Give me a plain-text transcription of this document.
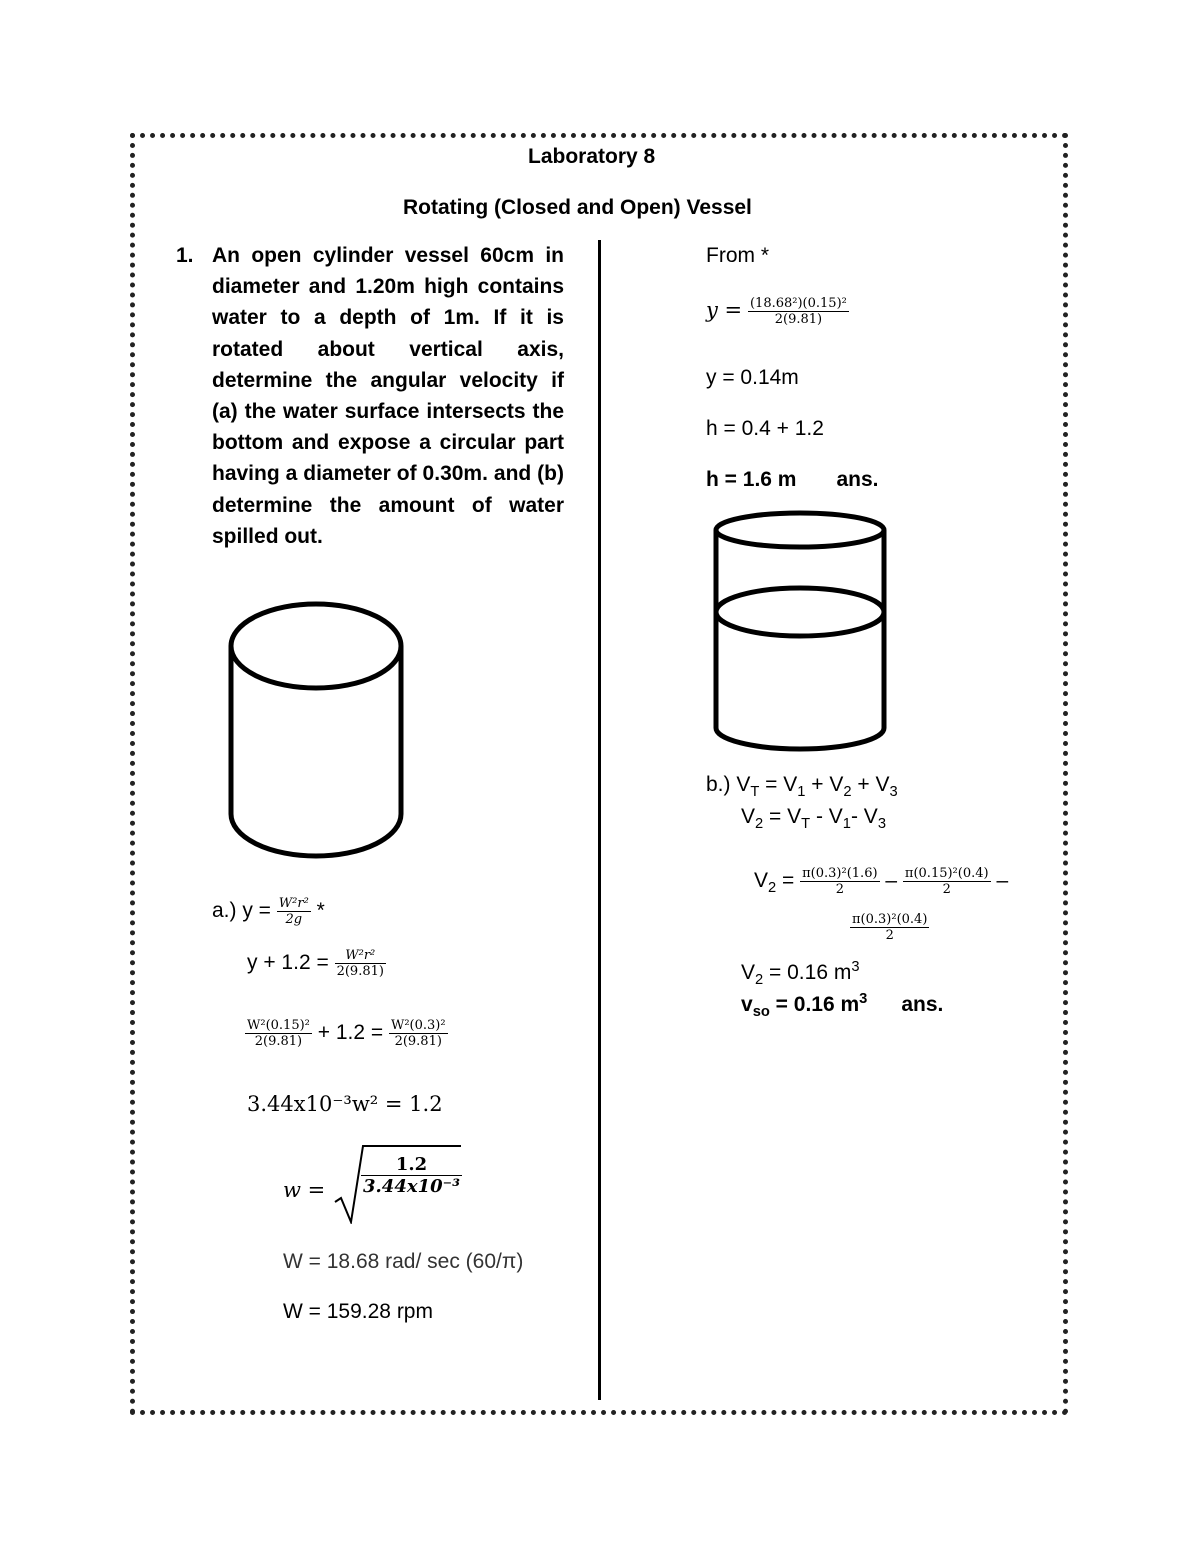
Laboratory 8
Rotating (Closed and Open) Vessel
1. An open cylinder vessel 60cm in diameter and 1.20m high contains water to a depth of 1m. If it is rotated about vertical axis, determine the angular velocity if (a) the water surface intersects the bottom and expose a circular part having a diameter of 0.30m. and (b) determine the amount of water spilled out.
a.) $y = \frac{\text{W²r²}}{2g}$ *
$y + 1.2 = \frac{\text{W²r²}}{2(9.81)}$
$\frac{\text{W²(0.15)²}}{2(9.81)} + 1.2 = \frac{\text{W²(0.3)²}}{2(9.81)}$
3.44x10⁻³w² = 1.2
$w = \frac{1.2}{\text{3.44x10⁻³}}$
W = 18.68 rad/ sec (60/π)
W = 159.28 rpm
From *
$y = \frac{\text{(18.68²)(0.15)²}}{2(9.81)}$
y = 0.14m
h = 0.4 + 1.2
h = 1.6 m ans.
b.) $V_T = V_1 + V_2 + V_3$
$V_2 = V_T - V_1-$ $V_3$
$V_2 = \frac{\text{π(0.3)²(1.6)}}{2} - \frac{\text{π(0.15)²(0.4)}}{2}$ –
$\frac{\text{π(0.3)²(0.4)}}{2}$
$V_2 = 0.16$ $m^3$
$v_{so} = 0.16$ $m^3$ ans.
